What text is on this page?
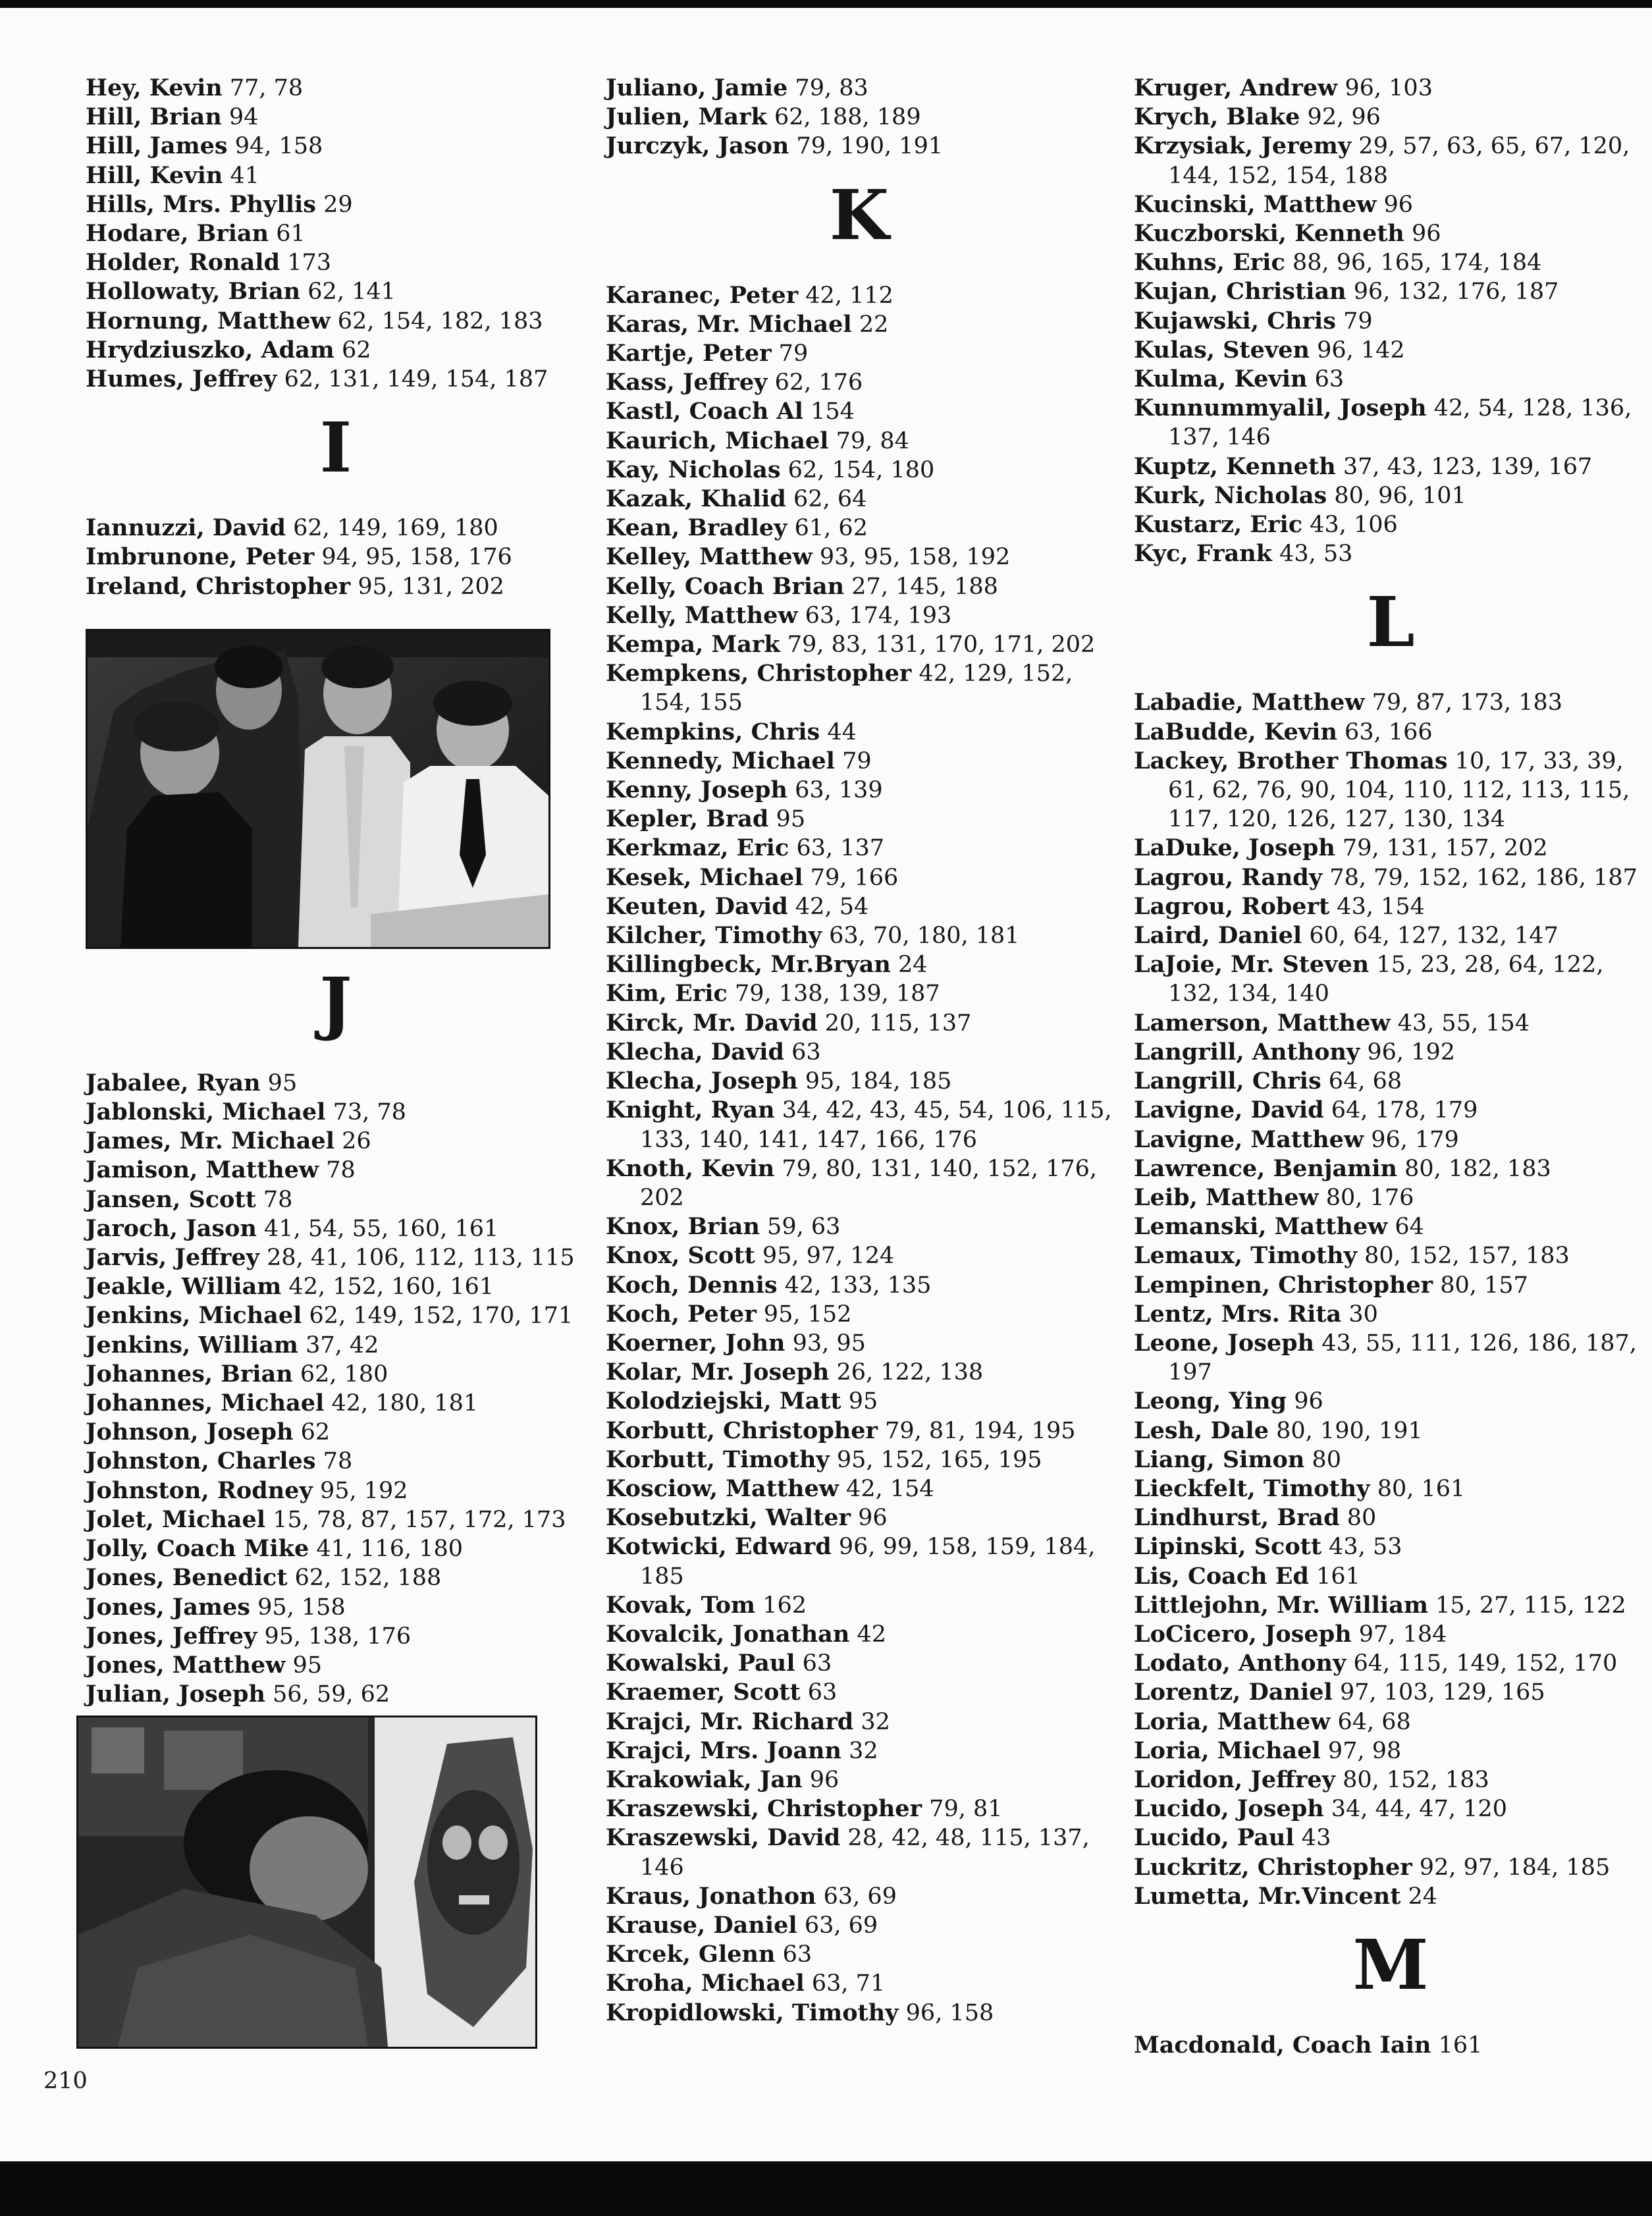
Hey, Kevin 77, 78
Hill, Brian 94
Hill, James 94, 158
Hill, Kevin 41
Hills, Mrs. Phyllis 29
Hodare, Brian 61
Holder, Ronald 173
Hollowaty, Brian 62, 141
Hornung, Matthew 62, 154, 182, 183
Hrydziuszko, Adam 62
Humes, Jeffrey 62, 131, 149, 154, 187
I
Iannuzzi, David 62, 149, 169, 180
Imbrunone, Peter 94, 95, 158, 176
Ireland, Christopher 95, 131, 202
J
Jabalee, Ryan 95
Jablonski, Michael 73, 78
James, Mr. Michael 26
Jamison, Matthew 78
Jansen, Scott 78
Jaroch, Jason 41, 54, 55, 160, 161
Jarvis, Jeffrey 28, 41, 106, 112, 113, 115
Jeakle, William 42, 152, 160, 161
Jenkins, Michael 62, 149, 152, 170, 171
Jenkins, William 37, 42
Johannes, Brian 62, 180
Johannes, Michael 42, 180, 181
Johnson, Joseph 62
Johnston, Charles 78
Johnston, Rodney 95, 192
Jolet, Michael 15, 78, 87, 157, 172, 173
Jolly, Coach Mike 41, 116, 180
Jones, Benedict 62, 152, 188
Jones, James 95, 158
Jones, Jeffrey 95, 138, 176
Jones, Matthew 95
Julian, Joseph 56, 59, 62
Juliano, Jamie 79, 83
Julien, Mark 62, 188, 189
Jurczyk, Jason 79, 190, 191
K
Karanec, Peter 42, 112
Karas, Mr. Michael 22
Kartje, Peter 79
Kass, Jeffrey 62, 176
Kastl, Coach Al 154
Kaurich, Michael 79, 84
Kay, Nicholas 62, 154, 180
Kazak, Khalid 62, 64
Kean, Bradley 61, 62
Kelley, Matthew 93, 95, 158, 192
Kelly, Coach Brian 27, 145, 188
Kelly, Matthew 63, 174, 193
Kempa, Mark 79, 83, 131, 170, 171, 202
Kempkens, Christopher 42, 129, 152, 154, 155
Kempkins, Chris 44
Kennedy, Michael 79
Kenny, Joseph 63, 139
Kepler, Brad 95
Kerkmaz, Eric 63, 137
Kesek, Michael 79, 166
Keuten, David 42, 54
Kilcher, Timothy 63, 70, 180, 181
Killingbeck, Mr.Bryan 24
Kim, Eric 79, 138, 139, 187
Kirck, Mr. David 20, 115, 137
Klecha, David 63
Klecha, Joseph 95, 184, 185
Knight, Ryan 34, 42, 43, 45, 54, 106, 115, 133, 140, 141, 147, 166, 176
Knoth, Kevin 79, 80, 131, 140, 152, 176, 202
Knox, Brian 59, 63
Knox, Scott 95, 97, 124
Koch, Dennis 42, 133, 135
Koch, Peter 95, 152
Koerner, John 93, 95
Kolar, Mr. Joseph 26, 122, 138
Kolodziejski, Matt 95
Korbutt, Christopher 79, 81, 194, 195
Korbutt, Timothy 95, 152, 165, 195
Kosciow, Matthew 42, 154
Kosebutzki, Walter 96
Kotwicki, Edward 96, 99, 158, 159, 184, 185
Kovak, Tom 162
Kovalcik, Jonathan 42
Kowalski, Paul 63
Kraemer, Scott 63
Krajci, Mr. Richard 32
Krajci, Mrs. Joann 32
Krakowiak, Jan 96
Kraszewski, Christopher 79, 81
Kraszewski, David 28, 42, 48, 115, 137, 146
Kraus, Jonathon 63, 69
Krause, Daniel 63, 69
Krcek, Glenn 63
Kroha, Michael 63, 71
Kropidlowski, Timothy 96, 158
Kruger, Andrew 96, 103
Krych, Blake 92, 96
Krzysiak, Jeremy 29, 57, 63, 65, 67, 120, 144, 152, 154, 188
Kucinski, Matthew 96
Kuczborski, Kenneth 96
Kuhns, Eric 88, 96, 165, 174, 184
Kujan, Christian 96, 132, 176, 187
Kujawski, Chris 79
Kulas, Steven 96, 142
Kulma, Kevin 63
Kunnummyalil, Joseph 42, 54, 128, 136, 137, 146
Kuptz, Kenneth 37, 43, 123, 139, 167
Kurk, Nicholas 80, 96, 101
Kustarz, Eric 43, 106
Kyc, Frank 43, 53
L
Labadie, Matthew 79, 87, 173, 183
LaBudde, Kevin 63, 166
Lackey, Brother Thomas 10, 17, 33, 39, 61, 62, 76, 90, 104, 110, 112, 113, 115, 117, 120, 126, 127, 130, 134
LaDuke, Joseph 79, 131, 157, 202
Lagrou, Randy 78, 79, 152, 162, 186, 187
Lagrou, Robert 43, 154
Laird, Daniel 60, 64, 127, 132, 147
LaJoie, Mr. Steven 15, 23, 28, 64, 122, 132, 134, 140
Lamerson, Matthew 43, 55, 154
Langrill, Anthony 96, 192
Langrill, Chris 64, 68
Lavigne, David 64, 178, 179
Lavigne, Matthew 96, 179
Lawrence, Benjamin 80, 182, 183
Leib, Matthew 80, 176
Lemanski, Matthew 64
Lemaux, Timothy 80, 152, 157, 183
Lempinen, Christopher 80, 157
Lentz, Mrs. Rita 30
Leone, Joseph 43, 55, 111, 126, 186, 187, 197
Leong, Ying 96
Lesh, Dale 80, 190, 191
Liang, Simon 80
Lieckfelt, Timothy 80, 161
Lindhurst, Brad 80
Lipinski, Scott 43, 53
Lis, Coach Ed 161
Littlejohn, Mr. William 15, 27, 115, 122
LoCicero, Joseph 97, 184
Lodato, Anthony 64, 115, 149, 152, 170
Lorentz, Daniel 97, 103, 129, 165
Loria, Matthew 64, 68
Loria, Michael 97, 98
Loridon, Jeffrey 80, 152, 183
Lucido, Joseph 34, 44, 47, 120
Lucido, Paul 43
Luckritz, Christopher 92, 97, 184, 185
Lumetta, Mr.Vincent 24
M
Macdonald, Coach Iain 161
210
